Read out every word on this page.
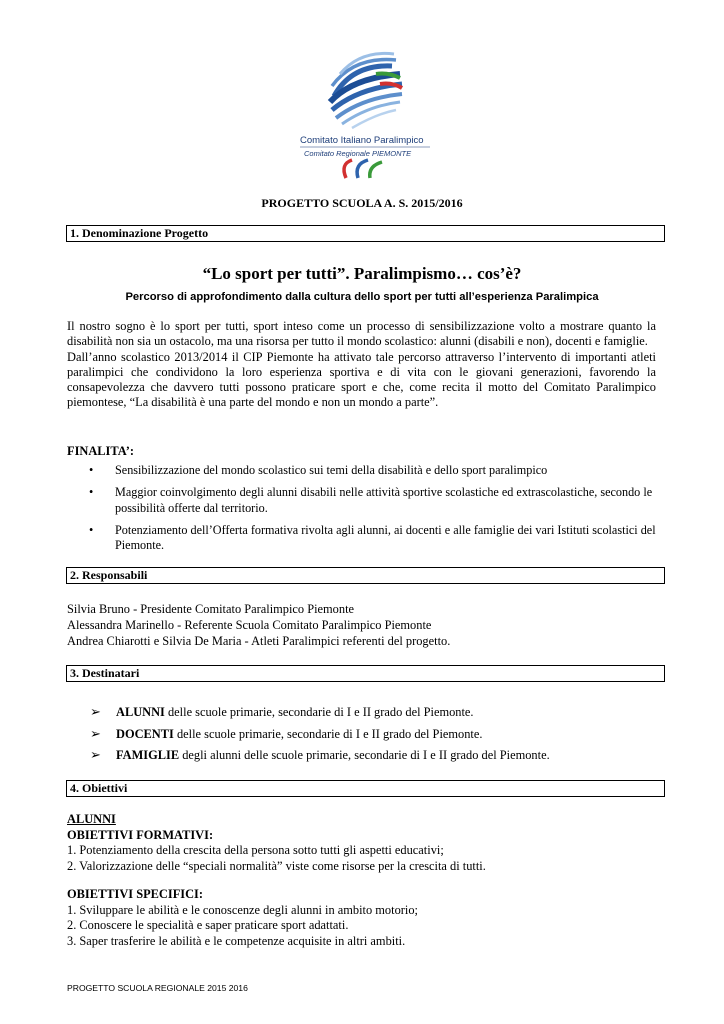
Comitato Italiano Paralimpico
Comitato Regionale PIEMONTE
PROGETTO SCUOLA A. S. 2015/2016
1. Denominazione Progetto
“Lo sport per tutti”. Paralimpismo… cos’è?
Percorso di approfondimento dalla cultura dello sport per tutti all’esperienza Paralimpica

Il nostro sogno è lo sport per tutti, sport inteso come un processo di sensibilizzazione volto a mostrare quanto la disabilità non sia un ostacolo, ma una risorsa per tutto il mondo scolastico: alunni (disabili e non), docenti e famiglie.

Dall’anno scolastico 2013/2014 il CIP Piemonte ha attivato tale percorso attraverso l’intervento di importanti atleti paralimpici che condividono la loro esperienza sportiva e di vita con le giovani generazioni, favorendo la consapevolezza che davvero tutti possono praticare sport e che, come recita il motto del Comitato Paralimpico piemontese, “La disabilità è una parte del mondo e non un mondo a parte”.

FINALITA’:
• Sensibilizzazione del mondo scolastico sui temi della disabilità e dello sport paralimpico
• Maggior coinvolgimento degli alunni disabili nelle attività sportive scolastiche ed extrascolastiche, secondo le possibilità offerte dal territorio.
• Potenziamento dell’Offerta formativa rivolta agli alunni, ai docenti e alle famiglie dei vari Istituti scolastici del Piemonte.
2. Responsabili
Silvia Bruno - Presidente Comitato Paralimpico Piemonte
Alessandra Marinello - Referente Scuola Comitato Paralimpico Piemonte
Andrea Chiarotti e Silvia De Maria - Atleti Paralimpici referenti del progetto.
3. Destinatari
➢ ALUNNI delle scuole primarie, secondarie di I e II grado del Piemonte.
➢ DOCENTI delle scuole primarie, secondarie di I e II grado del Piemonte.
➢ FAMIGLIE degli alunni delle scuole primarie, secondarie di I e II grado del Piemonte.
4. Obiettivi
ALUNNI
OBIETTIVI FORMATIVI:
1. Potenziamento della crescita della persona sotto tutti gli aspetti educativi;
2. Valorizzazione delle “speciali normalità” viste come risorse per la crescita di tutti.
OBIETTIVI SPECIFICI:
1. Sviluppare le abilità e le conoscenze degli alunni in ambito motorio;
2. Conoscere le specialità e saper praticare sport adattati.
3. Saper trasferire le abilità e le competenze acquisite in altri ambiti.
PROGETTO SCUOLA REGIONALE 2015 2016
